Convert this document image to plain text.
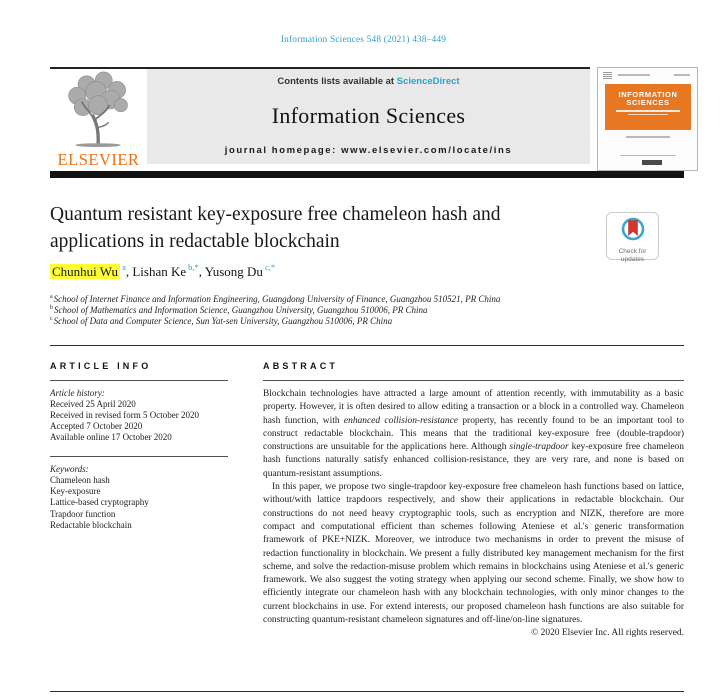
Information Sciences 548 (2021) 438–449
ELSEVIER
Contents lists available at ScienceDirect
Information Sciences
journal homepage: www.elsevier.com/locate/ins
INFORMATION
SCIENCES
Quantum resistant key-exposure free chameleon hash and
applications in redactable blockchain	Check for
updates
Chunhui Wu $^a$, Lishan Ke $^{b,*}$, Yusong Du $^{c,*}$
$^a$School of Internet Finance and Information Engineering, Guangdong University of Finance, Guangzhou 510521, PR China
$^b$School of Mathematics and Information Science, Guangzhou University, Guangzhou 510006, PR China
$^c$School of Data and Computer Science, Sun Yat-sen University, Guangzhou 510006, PR China
ARTICLE INFO
Article history:
Received 25 April 2020
Received in revised form 5 October 2020
Accepted 7 October 2020
Available online 17 October 2020
Keywords:
Chameleon hash
Key-exposure
Lattice-based cryptography
Trapdoor function
Redactable blockchain
ABSTRACT

Blockchain technologies have attracted a large amount of attention recently, with immutability as a basic property. However, it is often desired to allow editing a transaction or a block in a controlled way. Chameleon hash function, with enhanced collision-resistance property, has recently found to be an important tool to construct redactable blockchain. This means that the traditional key-exposure free (double-trapdoor) constructions are unsuitable for the applications here. Although single-trapdoor key-exposure free chameleon hash functions naturally satisfy enhanced collision-resistance, they are very rare, and none is based on quantum-resistant assumptions.

In this paper, we propose two single-trapdoor key-exposure free chameleon hash functions based on lattice, without/with lattice trapdoors respectively, and show their applications in redactable blockchain. Our constructions do not need heavy cryptographic tools, such as encryption and NIZK, therefore are more compact and computational efficient than schemes following Ateniese et al.'s generic transformation framework of PKE+NIZK. Moreover, we introduce two mechanisms in order to prevent the misuse of redaction functionality in blockchain. We present a fully distributed key management mechanism for the first scheme, and solve the redaction-misuse problem which remains in blockchains using Ateniese et al.'s generic framework. We also suggest the voting strategy when applying our second scheme. Finally, we show how to efficiently integrate our chameleon hash with any blockchain technologies, with only minor changes to the current blockchains in use. For extend interests, our proposed chameleon hash functions are also suitable for constructing quantum-resistant chameleon signatures and off-line/on-line signatures.

© 2020 Elsevier Inc. All rights reserved.
